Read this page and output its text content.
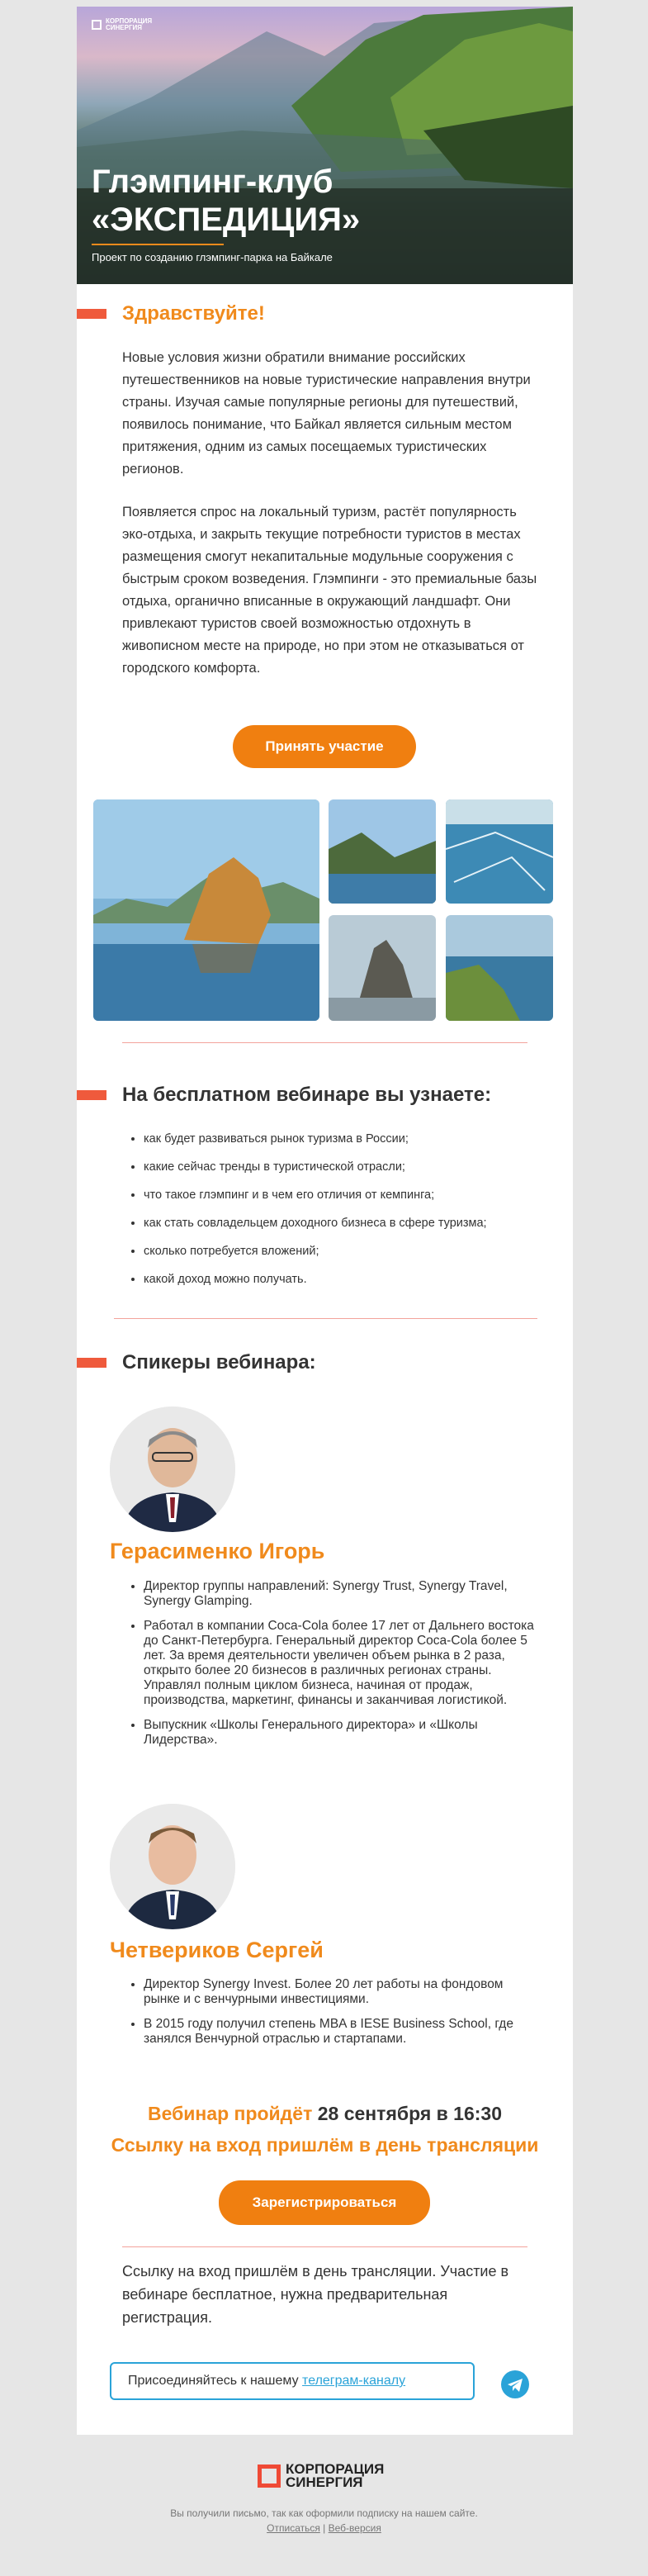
КОРПОРАЦИЯ
СИНЕРГИЯ
Глэмпинг-клуб
«ЭКСПЕДИЦИЯ»
Проект по созданию глэмпинг-парка на Байкале
Здравствуйте!
Новые условия жизни обратили внимание российских путешественников на новые туристические направления внутри страны. Изучая самые популярные регионы для путешествий, появилось понимание, что Байкал является сильным местом притяжения, одним из самых посещаемых туристических регионов.
Появляется спрос на локальный туризм, растёт популярность эко-отдыха, и закрыть текущие потребности туристов в местах размещения смогут некапитальные модульные сооружения с быстрым сроком возведения. Глэмпинги - это премиальные базы отдыха, органично вписанные в окружающий ландшафт. Они привлекают туристов своей возможностью отдохнуть в живописном месте на природе, но при этом не отказываться от городского комфорта.
Принять участие
На бесплатном вебинаре вы узнаете:
• как будет развиваться рынок туризма в России;
• какие сейчас тренды в туристической отрасли;
• что такое глэмпинг и в чем его отличия от кемпинга;
• как стать совладельцем доходного бизнеса в сфере туризма;
• сколько потребуется вложений;
• какой доход можно получать.
Спикеры вебинара:
Герасименко Игорь
• Директор группы направлений: Synergy Trust, Synergy Travel, Synergy Glamping.
• Работал в компании Coca-Cola более 17 лет от Дальнего востока до Санкт-Петербурга. Генеральный директор Coca-Cola более 5 лет. За время деятельности увеличен объем рынка в 2 раза, открыто более 20 бизнесов в различных регионах страны. Управлял полным циклом бизнеса, начиная от продаж, производства, маркетинг, финансы и заканчивая логистикой.
• Выпускник «Школы Генерального директора» и «Школы Лидерства».
Четвериков Сергей
• Директор Synergy Invest. Более 20 лет работы на фондовом рынке и с венчурными инвестициями.
• В 2015 году получил степень MBA в IESE Business School, где занялся Венчурной отраслью и стартапами.
Вебинар пройдёт 28 сентября в 16:30
Ссылку на вход пришлём в день трансляции
Зарегистрироваться
Ссылку на вход пришлём в день трансляции. Участие в вебинаре бесплатное, нужна предварительная регистрация.
Присоединяйтесь к нашему телеграм-каналу
КОРПОРАЦИЯ
СИНЕРГИЯ
Вы получили письмо, так как оформили подписку на нашем сайте.
Отписаться | Веб-версия
